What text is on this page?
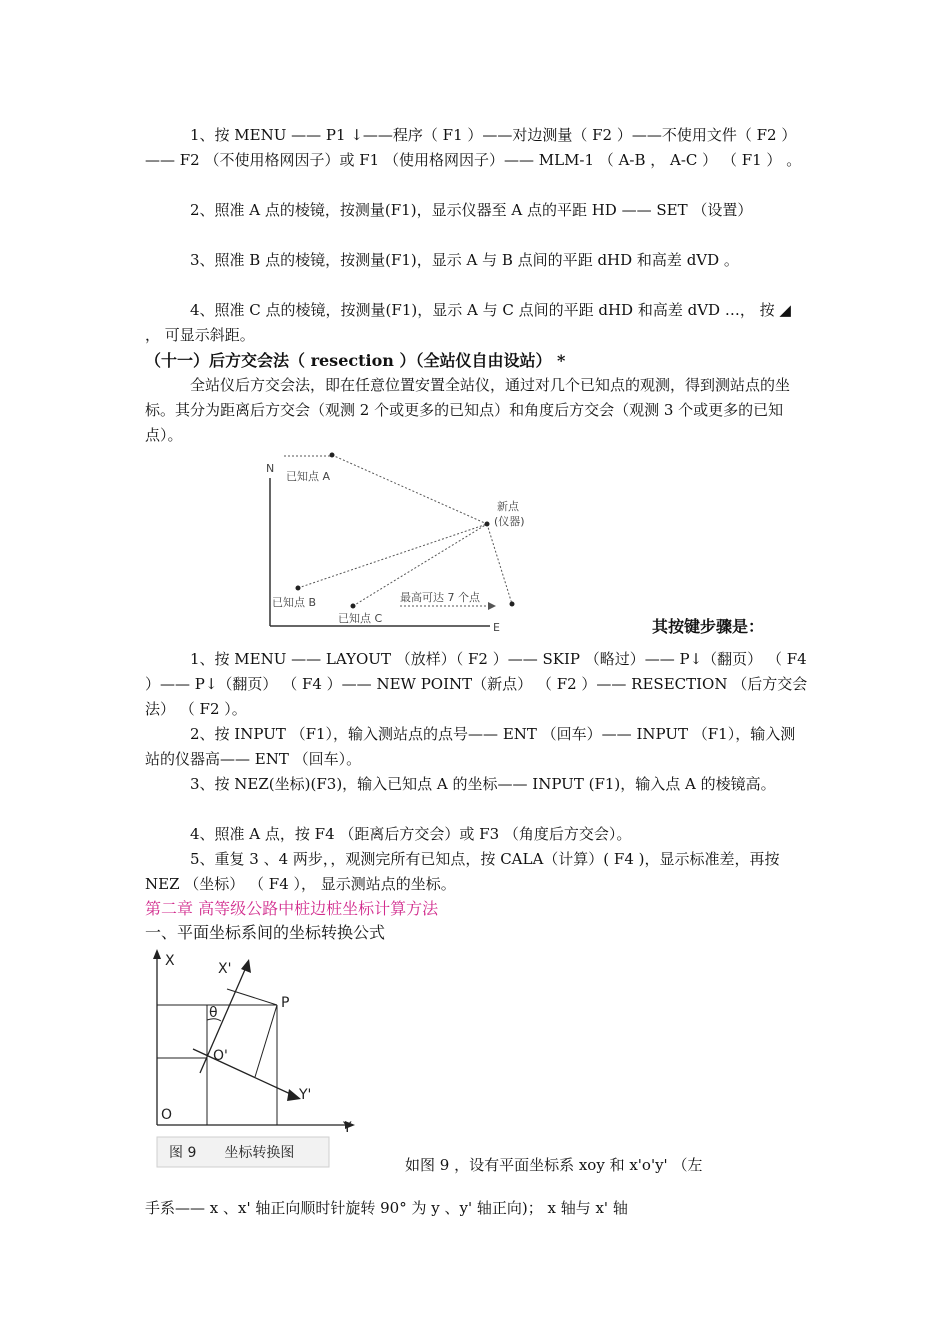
1、按 MENU —— P1 ↓——程序（ F1 ）——对边测量（ F2 ）——不使用文件（ F2 ）—— F2 （不使用格网因子）或 F1 （使用格网因子）—— MLM-1 （ A-B ， A-C ） （ F1 ） 。

2、照准 A 点的棱镜，按测量(F1)，显示仪器至 A 点的平距 HD —— SET （设置）

3、照准 B 点的棱镜，按测量(F1)，显示 A 与 B 点间的平距 dHD 和高差 dVD 。

4、照准 C 点的棱镜，按测量(F1)，显示 A 与 C 点间的平距 dHD 和高差 dVD …， 按 ◢ ， 可显示斜距。

（十一）后方交会法（ resection ）（全站仪自由设站） *

全站仪后方交会法，即在任意位置安置全站仪，通过对几个已知点的观测，得到测站点的坐标。其分为距离后方交会（观测 2 个或更多的已知点）和角度后方交会（观测 3 个或更多的已知点）。

N
E
已知点 A
已知点 B
已知点 C
新点
(仪器)
最高可达 7 个点
其按键步骤是：

1、按 MENU —— LAYOUT （放样）（ F2 ）—— SKIP （略过）—— P↓（翻页） （ F4 ）—— P↓（翻页） （ F4 ）—— NEW POINT（新点） （ F2 ）—— RESECTION （后方交会法） （ F2 ）。

2、按 INPUT （F1），输入测站点的点号—— ENT （回车）—— INPUT （F1），输入测站的仪器高—— ENT （回车）。

3、按 NEZ(坐标)(F3)，输入已知点 A 的坐标—— INPUT (F1)，输入点 A 的棱镜高。

4、照准 A 点，按 F4 （距离后方交会）或 F3 （角度后方交会）。

5、重复 3 、4 两步，，观测完所有已知点，按 CALA（计算）( F4 )，显示标准差，再按 NEZ （坐标） （ F4 ）， 显示测站点的坐标。

第二章 高等级公路中桩边桩坐标计算方法
一、平面坐标系间的坐标转换公式
X
Y
O
θ
X'
P
O'
Y'
图 9　　坐标转换图
如图 9 ，设有平面坐标系 xoy 和 x'o'y' （左
手系—— x 、x' 轴正向顺时针旋转 90° 为 y 、y' 轴正向)； x 轴与 x' 轴
